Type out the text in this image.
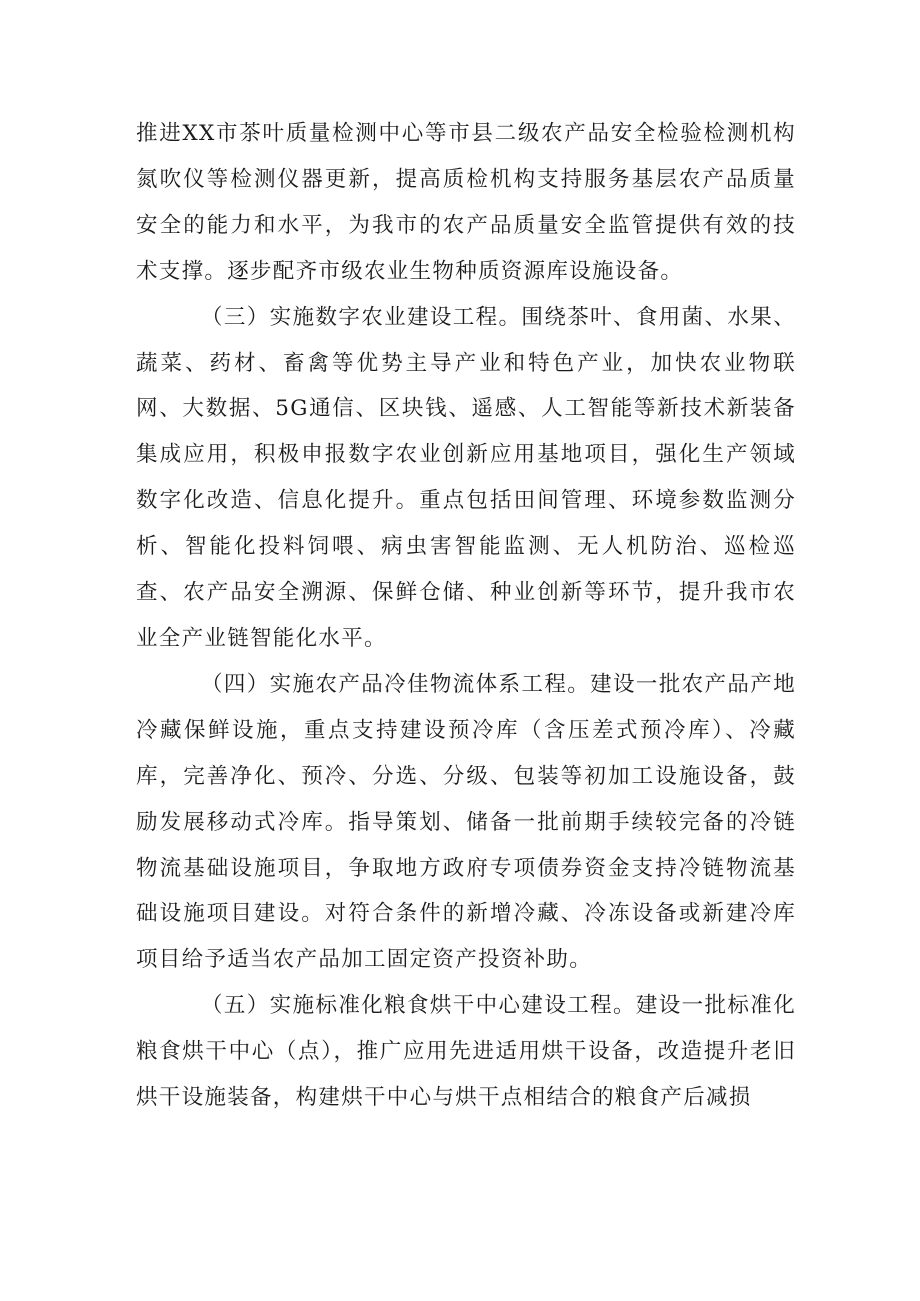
推进XX市茶叶质量检测中心等市县二级农产品安全检验检测机构氮吹仪等检测仪器更新，提高质检机构支持服务基层农产品质量安全的能力和水平，为我市的农产品质量安全监管提供有效的技术支撑。逐步配齐市级农业生物种质资源库设施设备。

（三）实施数字农业建设工程。围绕茶叶、食用菌、水果、蔬菜、药材、畜禽等优势主导产业和特色产业，加快农业物联网、大数据、5G通信、区块钱、遥感、人工智能等新技术新装备集成应用，积极申报数字农业创新应用基地项目，强化生产领域数字化改造、信息化提升。重点包括田间管理、环境参数监测分析、智能化投料饲喂、病虫害智能监测、无人机防治、巡检巡查、农产品安全溯源、保鲜仓储、种业创新等环节，提升我市农业全产业链智能化水平。

（四）实施农产品冷佳物流体系工程。建设一批农产品产地冷藏保鲜设施，重点支持建设预冷库（含压差式预冷库）、冷藏库，完善净化、预冷、分选、分级、包装等初加工设施设备，鼓励发展移动式冷库。指导策划、储备一批前期手续较完备的冷链物流基础设施项目，争取地方政府专项债券资金支持冷链物流基础设施项目建设。对符合条件的新增冷藏、冷冻设备或新建冷库项目给予适当农产品加工固定资产投资补助。

（五）实施标准化粮食烘干中心建设工程。建设一批标准化粮食烘干中心（点），推广应用先进适用烘干设备，改造提升老旧烘干设施装备，构建烘干中心与烘干点相结合的粮食产后减损
